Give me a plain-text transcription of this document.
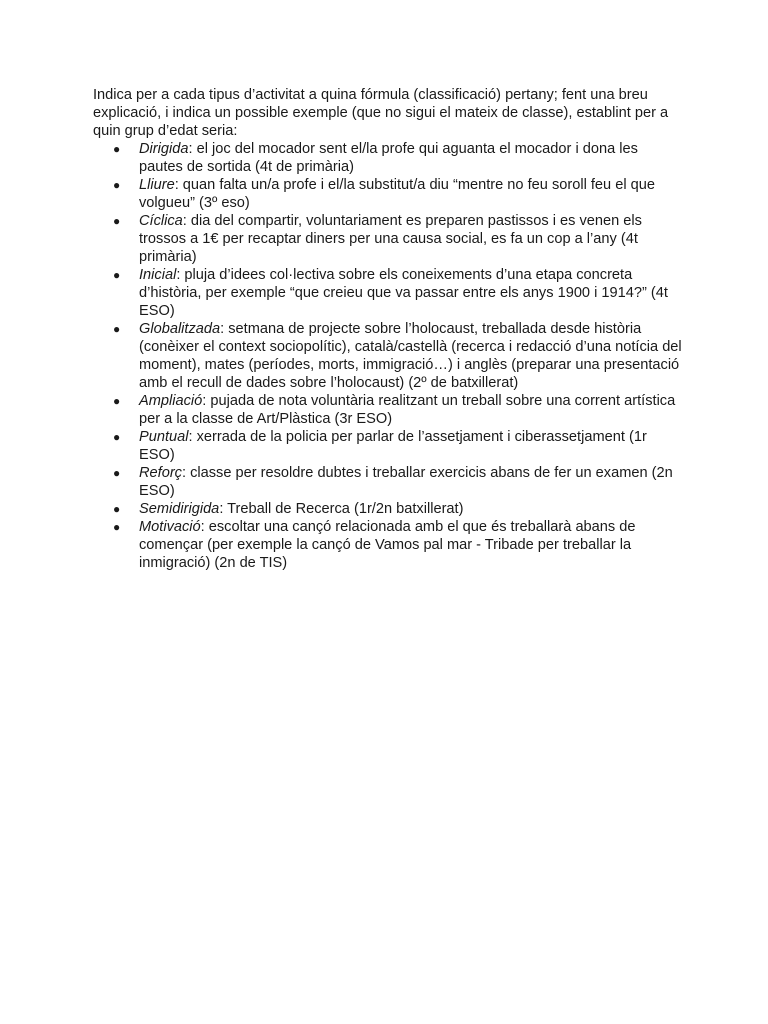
Indica per a cada tipus d’activitat a quina fórmula (classificació) pertany; fent una breu explicació, i indica un possible exemple (que no sigui el mateix de classe), establint per a quin grup d’edat seria:

● Dirigida: el joc del mocador sent el/la profe qui aguanta el mocador i dona les pautes de sortida (4t de primària)
● Lliure: quan falta un/a profe i el/la substitut/a diu “mentre no feu soroll feu el que volgueu” (3º eso)
● Cíclica: dia del compartir, voluntariament es preparen pastissos i es venen els trossos a 1€ per recaptar diners per una causa social, es fa un cop a l’any (4t primària)
● Inicial: pluja d’idees col·lectiva sobre els coneixements d’una etapa concreta d’història, per exemple “que creieu que va passar entre els anys 1900 i 1914?” (4t ESO)
● Globalitzada: setmana de projecte sobre l’holocaust, treballada desde història (conèixer el context sociopolític), català/castellà (recerca i redacció d’una notícia del moment), mates (períodes, morts, immigració…) i anglès (preparar una presentació amb el recull de dades sobre l’holocaust) (2º de batxillerat)
● Ampliació: pujada de nota voluntària realitzant un treball sobre una corrent artística per a la classe de Art/Plàstica (3r ESO)
● Puntual: xerrada de la policia per parlar de l’assetjament i ciberassetjament (1r ESO)
● Reforç: classe per resoldre dubtes i treballar exercicis abans de fer un examen (2n ESO)
● Semidirigida: Treball de Recerca (1r/2n batxillerat)
● Motivació: escoltar una cançó relacionada amb el que és treballarà abans de començar (per exemple la cançó de Vamos pal mar - Tribade per treballar la inmigració) (2n de TIS)
